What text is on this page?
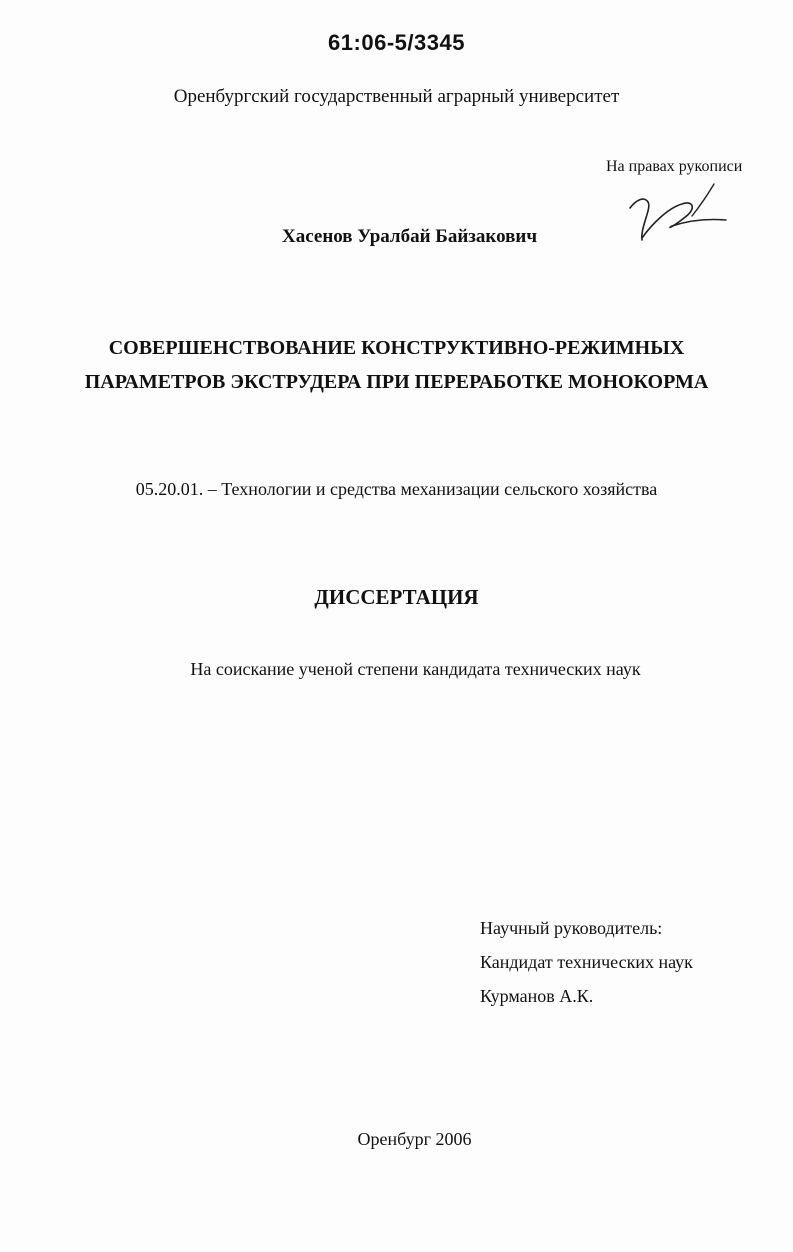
61:06-5/3345
Оренбургский государственный аграрный университет
На правах рукописи
Хасенов Уралбай Байзакович
СОВЕРШЕНСТВОВАНИЕ КОНСТРУКТИВНО-РЕЖИМНЫХ
ПАРАМЕТРОВ ЭКСТРУДЕРА ПРИ ПЕРЕРАБОТКЕ МОНОКОРМА
05.20.01. – Технологии и средства механизации сельского хозяйства
ДИССЕРТАЦИЯ
На соискание ученой степени кандидата технических наук
Научный руководитель:
Кандидат технических наук
Курманов А.К.
Оренбург 2006
